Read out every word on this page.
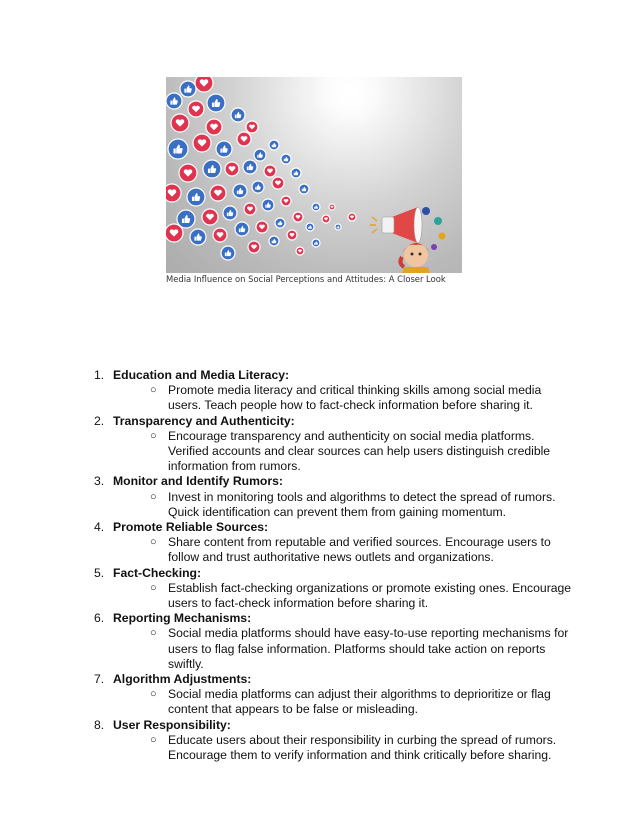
Media Influence on Social Perceptions and Attitudes: A Closer Look
1. Education and Media Literacy:
○ Promote media literacy and critical thinking skills among social media users. Teach people how to fact-check information before sharing it.
2. Transparency and Authenticity:
○ Encourage transparency and authenticity on social media platforms. Verified accounts and clear sources can help users distinguish credible information from rumors.
3. Monitor and Identify Rumors:
○ Invest in monitoring tools and algorithms to detect the spread of rumors. Quick identification can prevent them from gaining momentum.
4. Promote Reliable Sources:
○ Share content from reputable and verified sources. Encourage users to follow and trust authoritative news outlets and organizations.
5. Fact-Checking:
○ Establish fact-checking organizations or promote existing ones. Encourage users to fact-check information before sharing it.
6. Reporting Mechanisms:
○ Social media platforms should have easy-to-use reporting mechanisms for users to flag false information. Platforms should take action on reports swiftly.
7. Algorithm Adjustments:
○ Social media platforms can adjust their algorithms to deprioritize or flag content that appears to be false or misleading.
8. User Responsibility:
○ Educate users about their responsibility in curbing the spread of rumors. Encourage them to verify information and think critically before sharing.
